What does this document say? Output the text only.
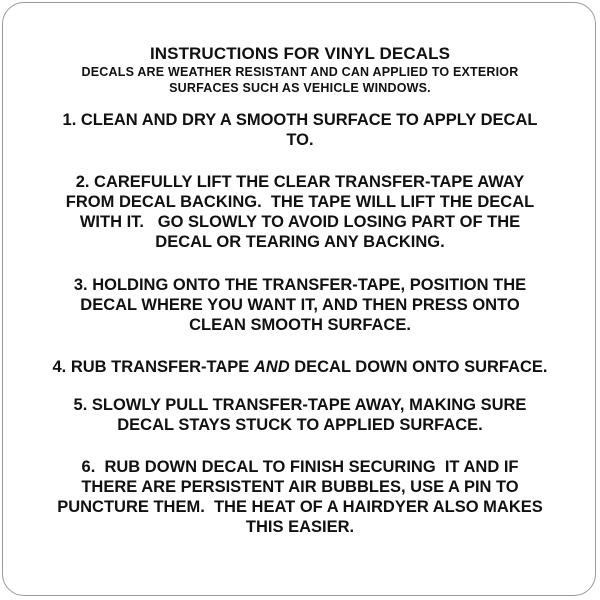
INSTRUCTIONS FOR VINYL DECALS
DECALS ARE WEATHER RESISTANT AND CAN APPLIED TO EXTERIOR
SURFACES SUCH AS VEHICLE WINDOWS.
1. CLEAN AND DRY A SMOOTH SURFACE TO APPLY DECAL
TO.
2. CAREFULLY LIFT THE CLEAR TRANSFER-TAPE AWAY
FROM DECAL BACKING.  THE TAPE WILL LIFT THE DECAL
WITH IT.   GO SLOWLY TO AVOID LOSING PART OF THE
DECAL OR TEARING ANY BACKING.
3. HOLDING ONTO THE TRANSFER-TAPE, POSITION THE
DECAL WHERE YOU WANT IT, AND THEN PRESS ONTO
CLEAN SMOOTH SURFACE.
4. RUB TRANSFER-TAPE AND DECAL DOWN ONTO SURFACE.
5. SLOWLY PULL TRANSFER-TAPE AWAY, MAKING SURE
DECAL STAYS STUCK TO APPLIED SURFACE.
6.  RUB DOWN DECAL TO FINISH SECURING  IT AND IF
THERE ARE PERSISTENT AIR BUBBLES, USE A PIN TO
PUNCTURE THEM.  THE HEAT OF A HAIRDYER ALSO MAKES
THIS EASIER.
